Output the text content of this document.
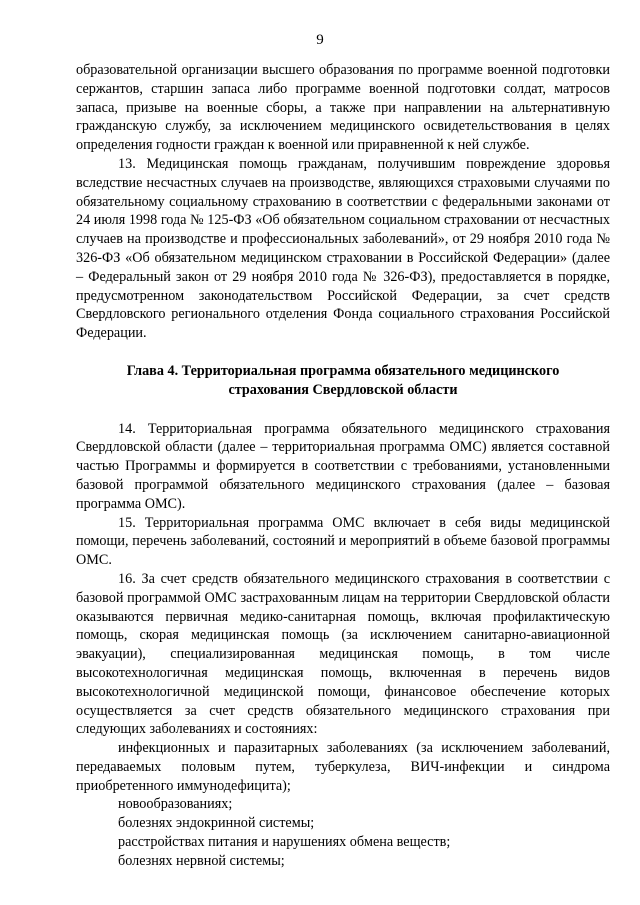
9

образовательной организации высшего образования по программе военной подготовки сержантов, старшин запаса либо программе военной подготовки солдат, матросов запаса, призыве на военные сборы, а также при направлении на альтернативную гражданскую службу, за исключением медицинского освидетельствования в целях определения годности граждан к военной или приравненной к ней службе.

13. Медицинская помощь гражданам, получившим повреждение здоровья вследствие несчастных случаев на производстве, являющихся страховыми случаями по обязательному социальному страхованию в соответствии с федеральными законами от 24 июля 1998 года № 125-ФЗ «Об обязательном социальном страховании от несчастных случаев на производстве и профессиональных заболеваний», от 29 ноября 2010 года № 326-ФЗ «Об обязательном медицинском страховании в Российской Федерации» (далее – Федеральный закон от 29 ноября 2010 года № 326-ФЗ), предоставляется в порядке, предусмотренном законодательством Российской Федерации, за счет средств Свердловского регионального отделения Фонда социального страхования Российской Федерации.

Глава 4. Территориальная программа обязательного медицинского страхования Свердловской области

14. Территориальная программа обязательного медицинского страхования Свердловской области (далее – территориальная программа ОМС) является составной частью Программы и формируется в соответствии с требованиями, установленными базовой программой обязательного медицинского страхования (далее – базовая программа ОМС).

15. Территориальная программа ОМС включает в себя виды медицинской помощи, перечень заболеваний, состояний и мероприятий в объеме базовой программы ОМС.

16. За счет средств обязательного медицинского страхования в соответствии с базовой программой ОМС застрахованным лицам на территории Свердловской области оказываются первичная медико-санитарная помощь, включая профилактическую помощь, скорая медицинская помощь (за исключением санитарно-авиационной эвакуации), специализированная медицинская помощь, в том числе высокотехнологичная медицинская помощь, включенная в перечень видов высокотехнологичной медицинской помощи, финансовое обеспечение которых осуществляется за счет средств обязательного медицинского страхования при следующих заболеваниях и состояниях:

инфекционных и паразитарных заболеваниях (за исключением заболеваний, передаваемых половым путем, туберкулеза, ВИЧ-инфекции и синдрома приобретенного иммунодефицита);

новообразованиях;

болезнях эндокринной системы;

расстройствах питания и нарушениях обмена веществ;

болезнях нервной системы;
